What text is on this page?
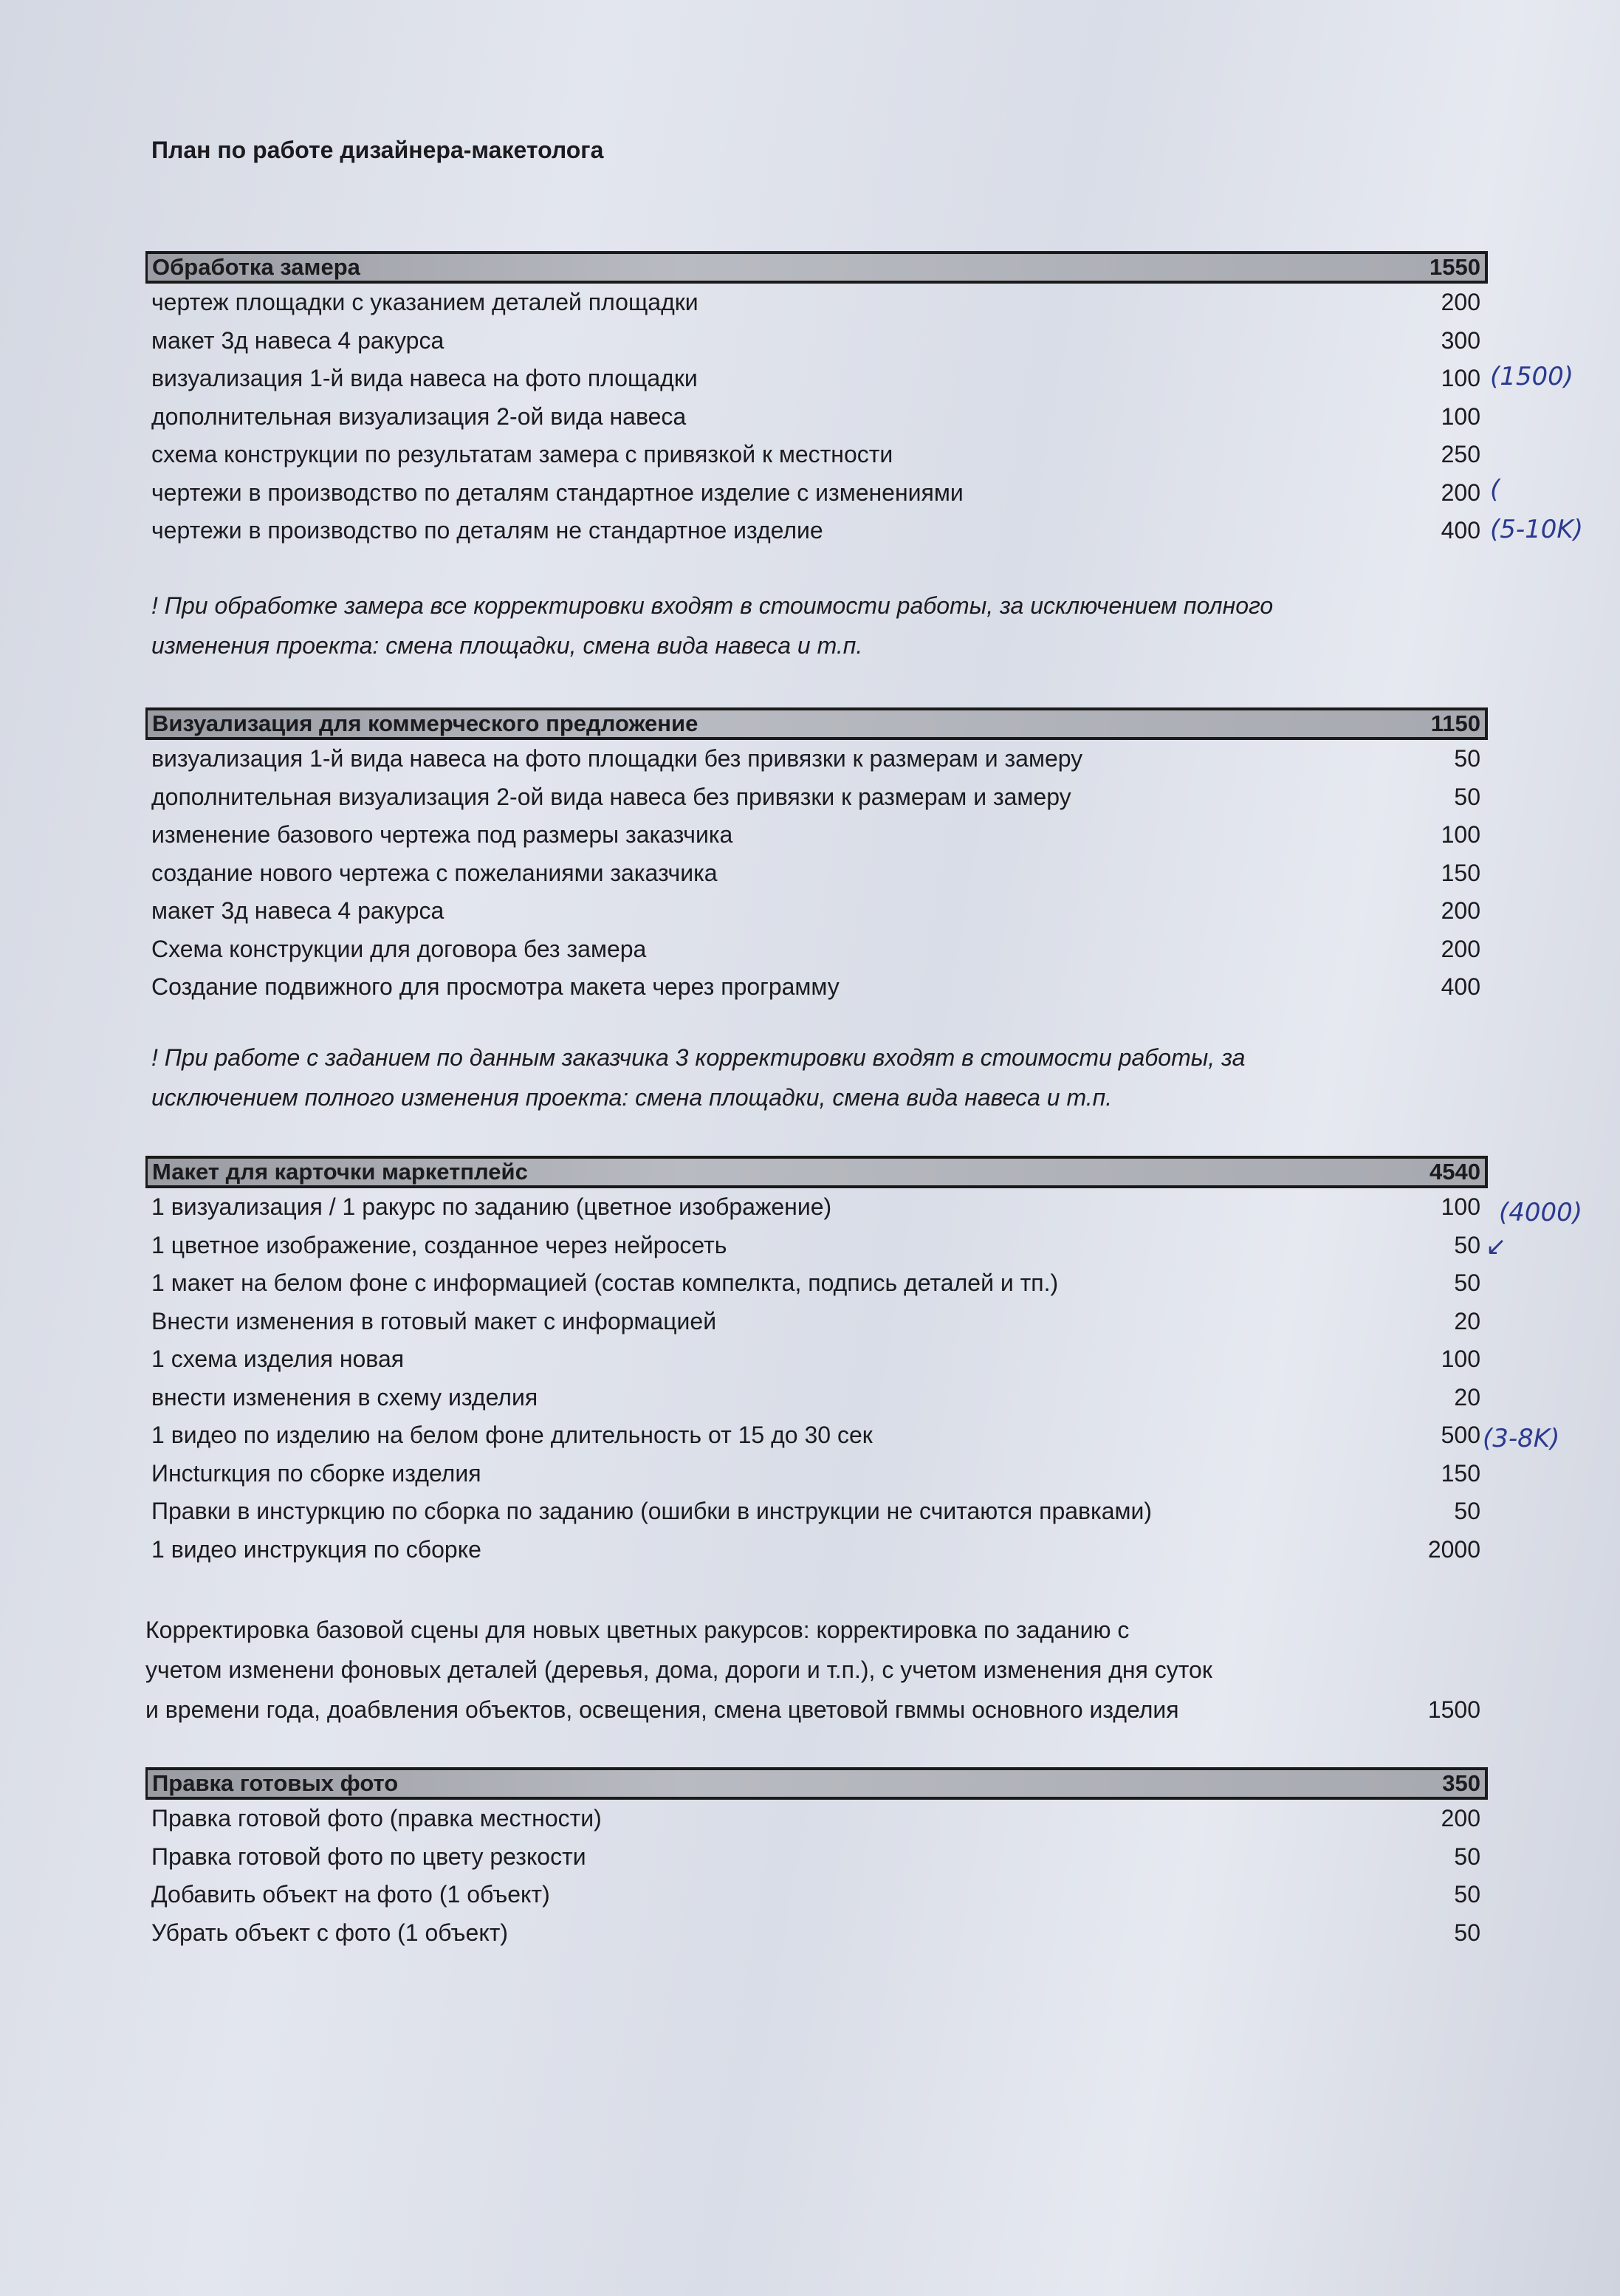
План по работе дизайнера-макетолога
Обработка замера	1550
чертеж площадки с указанием деталей площадки	200
макет 3д навеса 4 ракурса	300
визуализация 1-й вида навеса на фото площадки	100
дополнительная визуализация 2-ой вида навеса	100
схема конструкции по результатам замера с привязкой к местности	250
чертежи в производство по деталям стандартное изделие с изменениями	200
чертежи в производство по деталям не стандартное изделие	400
! При обработке замера все корректировки входят в стоимости работы, за исключением полного
изменения проекта: смена площадки, смена вида навеса и т.п.
Визуализация для коммерческого предложение	1150
визуализация 1-й вида навеса на фото площадки без привязки к размерам и замеру	50
дополнительная визуализация 2-ой вида навеса без привязки к размерам и замеру	50
изменение базового чертежа под размеры заказчика	100
создание нового чертежа с пожеланиями заказчика	150
макет 3д навеса 4 ракурса	200
Схема конструкции для договора без замера	200
Создание подвижного для просмотра макета через программу	400
! При работе с заданием по данным заказчика 3 корректировки входят в стоимости работы, за
исключением полного изменения проекта: смена площадки, смена вида навеса и т.п.
Макет для карточки маркетплейс	4540
1 визуализация / 1 ракурс по заданию (цветное изображение)	100
1 цветное изображение, созданное через нейросеть	50
1 макет на белом фоне с информацией (состав компелкта, подпись деталей и тп.)	50
Внести изменения в готовый макет с информацией	20
1 схема изделия новая	100
внести изменения в схему изделия	20
1 видео по изделию на белом фоне длительность от 15 до 30 сек	500
Инсturкция по сборке изделия	150
Правки в инстуркцию по сборка по заданию (ошибки в инструкции не считаются правками)	50
1 видео инструкция по сборке	2000
Корректировка базовой сцены для новых цветных ракурсов: корректировка по заданию с
учетом изменени фоновых деталей (деревья, дома, дороги и т.п.), с учетом изменения дня суток
и времени года, доабвления объектов, освещения, смена цветовой гвммы основного изделия	1500
Правка готовых фото	350
Правка готовой фото (правка местности)	200
Правка готовой фото по цвету резкости	50
Добавить объект на фото (1 объект)	50
Убрать объект с фото (1 объект)	50
(1500)
(
(5-10K)
(4000)
↙
(3-8K)
